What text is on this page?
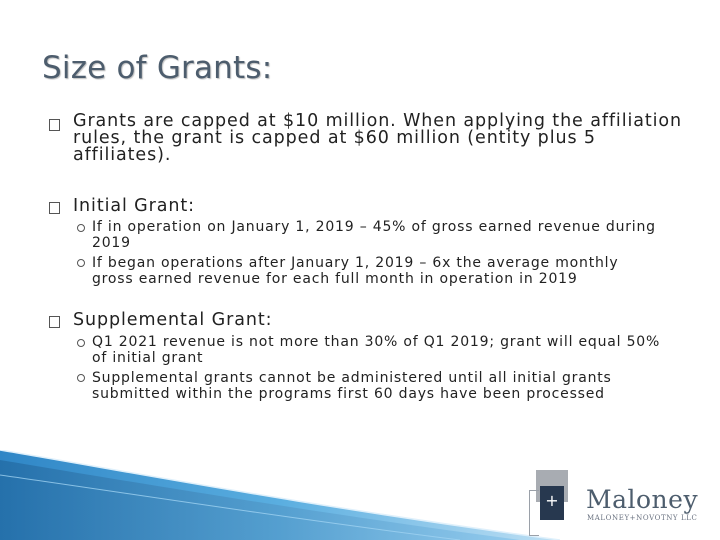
Size of Grants:
Grants are capped at $10 million. When applying the affiliation rules, the grant is capped at $60 million (entity plus 5 affiliates).
Initial Grant:
If in operation on January 1, 2019 – 45% of gross earned revenue during 2019
If began operations after January 1, 2019 – 6x the average monthly gross earned revenue for each full month in operation in 2019
Supplemental Grant:
Q1 2021 revenue is not more than 30% of Q1 2019; grant will equal 50% of initial grant
Supplemental grants cannot be administered until all initial grants submitted within the programs first 60 days have been processed
+ Maloney
MALONEY+NOVOTNY LLC
